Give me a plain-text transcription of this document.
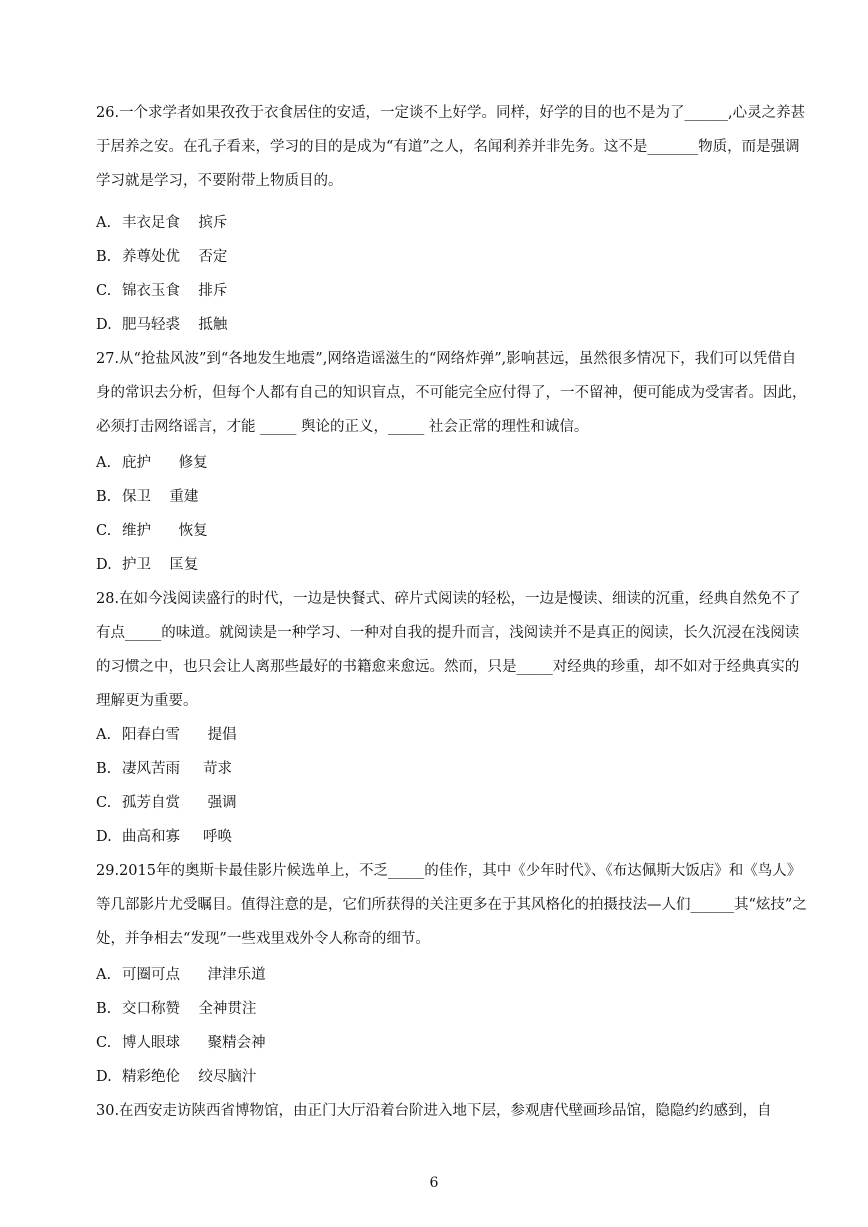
26.一个求学者如果孜孜于衣食居住的安适，一定谈不上好学。同样，好学的目的也不是为了______,心灵之养甚于居养之安。在孔子看来，学习的目的是成为“有道”之人，名闻利养并非先务。这不是_______物质，而是强调学习就是学习，不要附带上物质目的。
A. 丰衣足食    摈斥
B. 养尊处优    否定
C. 锦衣玉食    排斥
D. 肥马轻裘    抵触
27.从“抢盐风波”到“各地发生地震”,网络造谣滋生的“网络炸弹”,影响甚远，虽然很多情况下，我们可以凭借自身的常识去分析，但每个人都有自己的知识盲点，不可能完全应付得了，一不留神，便可能成为受害者。因此，必须打击网络谣言，才能 _____ 舆论的正义，_____ 社会正常的理性和诚信。
A. 庇护      修复
B. 保卫    重建
C. 维护      恢复
D. 护卫    匡复
28.在如今浅阅读盛行的时代，一边是快餐式、碎片式阅读的轻松，一边是慢读、细读的沉重，经典自然免不了有点_____的味道。就阅读是一种学习、一种对自我的提升而言，浅阅读并不是真正的阅读，长久沉浸在浅阅读的习惯之中，也只会让人离那些最好的书籍愈来愈远。然而，只是_____对经典的珍重，却不如对于经典真实的理解更为重要。
A. 阳春白雪      提倡
B. 凄风苦雨     苛求
C. 孤芳自赏      强调
D. 曲高和寡     呼唤
29.2015年的奥斯卡最佳影片候选单上，不乏_____的佳作，其中《少年时代》、《布达佩斯大饭店》和《鸟人》等几部影片尤受瞩目。值得注意的是，它们所获得的关注更多在于其风格化的拍摄技法—人们______其“炫技”之处，并争相去“发现”一些戏里戏外令人称奇的细节。
A. 可圈可点      津津乐道
B. 交口称赞    全神贯注
C. 博人眼球      聚精会神
D. 精彩绝伦    绞尽脑汁
30.在西安走访陕西省博物馆，由正门大厅沿着台阶进入地下层，参观唐代壁画珍品馆，隐隐约约感到，自
6
